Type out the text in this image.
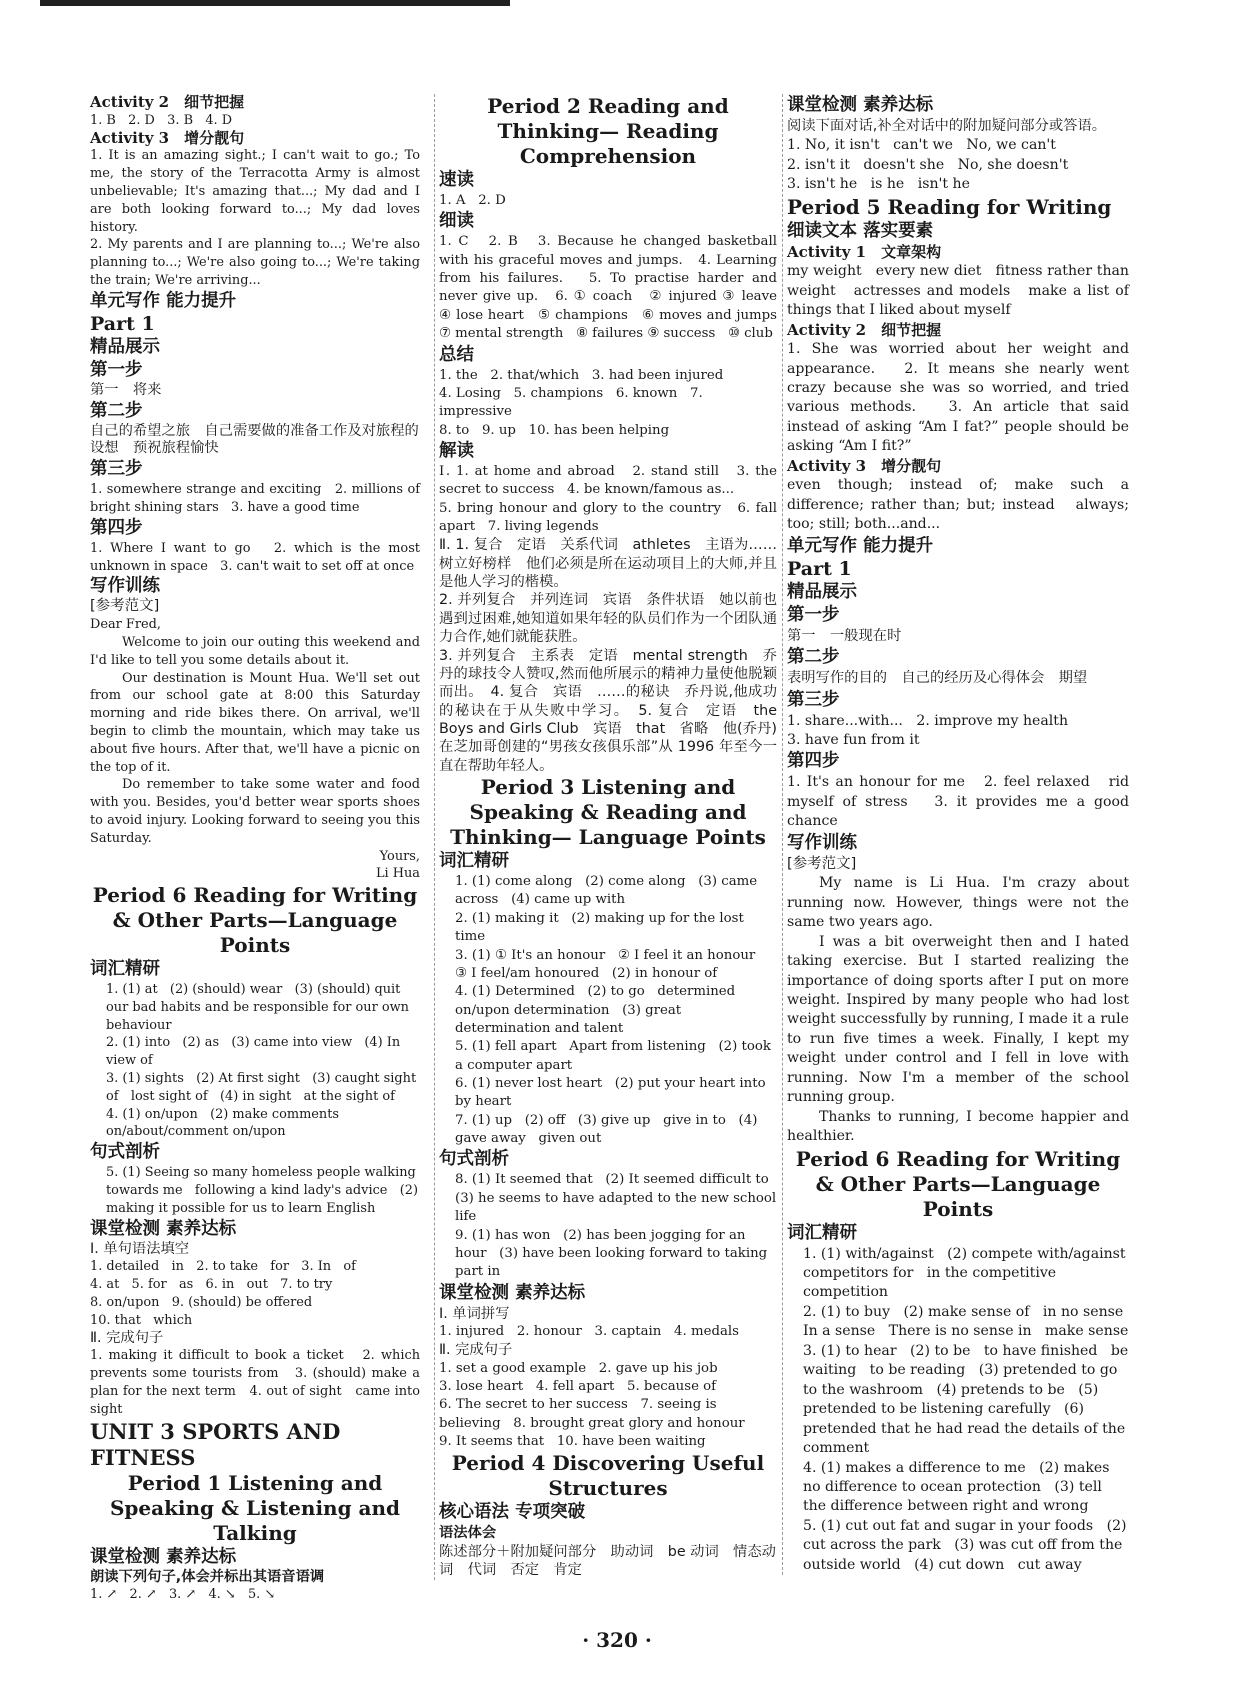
Activity 2　 细节把握
1. B   2. D   3. B   4. D
Activity 3　 增分靓句
1. It is an amazing sight.; I can't wait to go.; To me, the story of the Terracotta Army is almost unbelievable; It's amazing that...; My dad and I are both looking forward to...; My dad loves history.
2. My parents and I are planning to...; We're also planning to...; We're also going to...; We're taking the train; We're arriving...
单元写作 能力提升
Part 1
精品展示
第一步
第一　将来
第二步
自己的希望之旅　自己需要做的准备工作及对旅程的设想　预祝旅程愉快
第三步
1. somewhere strange and exciting   2. millions of bright shining stars   3. have a good time
第四步
1. Where I want to go   2. which is the most unknown in space   3. can't wait to set off at once
写作训练
[参考范文]
Dear Fred,
Welcome to join our outing this weekend and I'd like to tell you some details about it.
Our destination is Mount Hua. We'll set out from our school gate at 8:00 this Saturday morning and ride bikes there. On arrival, we'll begin to climb the mountain, which may take us about five hours. After that, we'll have a picnic on the top of it.
Do remember to take some water and food with you. Besides, you'd better wear sports shoes to avoid injury. Looking forward to seeing you this Saturday.
Yours,
Li Hua
Period 6 Reading for Writing & Other Parts—Language Points
词汇精研
1. (1) at   (2) (should) wear   (3) (should) quit our bad habits and be responsible for our own behaviour
2. (1) into   (2) as   (3) came into view   (4) In view of
3. (1) sights   (2) At first sight   (3) caught sight of   lost sight of   (4) in sight   at the sight of
4. (1) on/upon   (2) make comments on/about/comment on/upon
句式剖析
5. (1) Seeing so many homeless people walking towards me   following a kind lady's advice   (2) making it possible for us to learn English
课堂检测 素养达标
Ⅰ. 单句语法填空
1. detailed   in   2. to take   for   3. In   of
4. at   5. for   as   6. in   out   7. to try
8. on/upon   9. (should) be offered
10. that   which
Ⅱ. 完成句子
1. making it difficult to book a ticket   2. which prevents some tourists from   3. (should) make a plan for the next term   4. out of sight   came into sight
UNIT 3 SPORTS AND FITNESS
Period 1 Listening and Speaking & Listening and Talking
课堂检测 素养达标
朗读下列句子,体会并标出其语音语调
1. ↗   2. ↗   3. ↗   4. ↘   5. ↘
Period 2 Reading and Thinking— Reading Comprehension
速读
1. A   2. D
细读
1. C   2. B   3. Because he changed basketball with his graceful moves and jumps.   4. Learning from his failures.   5. To practise harder and never give up.   6. ① coach   ② injured ③ leave   ④ lose heart   ⑤ champions   ⑥ moves and jumps   ⑦ mental strength   ⑧ failures ⑨ success   ⑩ club
总结
1. the   2. that/which   3. had been injured
4. Losing   5. champions   6. known   7. impressive
8. to   9. up   10. has been helping
解读
Ⅰ. 1. at home and abroad   2. stand still   3. the secret to success   4. be known/famous as...
5. bring honour and glory to the country   6. fall apart   7. living legends
Ⅱ. 1. 复合　定语　关系代词　athletes　主语为……树立好榜样　他们必须是所在运动项目上的大师,并且是他人学习的楷模。
2. 并列复合　并列连词　宾语　条件状语　她以前也遇到过困难,她知道如果年轻的队员们作为一个团队通力合作,她们就能获胜。
3. 并列复合　主系表　定语　mental strength　乔丹的球技令人赞叹,然而他所展示的精神力量使他脱颖而出。　4. 复合　宾语　……的秘诀　乔丹说,他成功的秘诀在于从失败中学习。　5. 复合　定语　the Boys and Girls Club　宾语　that　省略　他(乔丹)在芝加哥创建的“男孩女孩俱乐部”从 1996 年至今一直在帮助年轻人。
Period 3 Listening and Speaking & Reading and Thinking— Language Points
词汇精研
1. (1) come along   (2) come along   (3) came across   (4) came up with
2. (1) making it   (2) making up for the lost time
3. (1) ① It's an honour   ② I feel it an honour   ③ I feel/am honoured   (2) in honour of
4. (1) Determined   (2) to go   determined on/upon determination   (3) great determination and talent
5. (1) fell apart   Apart from listening   (2) took a computer apart
6. (1) never lost heart   (2) put your heart into by heart
7. (1) up   (2) off   (3) give up   give in to   (4) gave away   given out
句式剖析
8. (1) It seemed that   (2) It seemed difficult to   (3) he seems to have adapted to the new school life
9. (1) has won   (2) has been jogging for an hour   (3) have been looking forward to taking part in
课堂检测 素养达标
Ⅰ. 单词拼写
1. injured   2. honour   3. captain   4. medals
Ⅱ. 完成句子
1. set a good example   2. gave up his job
3. lose heart   4. fell apart   5. because of
6. The secret to her success   7. seeing is believing   8. brought great glory and honour
9. It seems that   10. have been waiting
Period 4 Discovering Useful Structures
核心语法 专项突破
语法体会
陈述部分＋附加疑问部分　助动词　be 动词　情态动词　代词　否定　肯定
课堂检测 素养达标
阅读下面对话,补全对话中的附加疑问部分或答语。
1. No, it isn't   can't we   No, we can't
2. isn't it   doesn't she   No, she doesn't
3. isn't he   is he   isn't he
Period 5 Reading for Writing
细读文本 落实要素
Activity 1　 文章架构
my weight   every new diet   fitness rather than weight   actresses and models   make a list of things that I liked about myself
Activity 2　 细节把握
1. She was worried about her weight and appearance.   2. It means she nearly went crazy because she was so worried, and tried various methods.   3. An article that said instead of asking “Am I fat?” people should be asking “Am I fit?”
Activity 3　 增分靓句
even though; instead of; make such a difference; rather than; but; instead   always; too; still; both...and...
单元写作 能力提升
Part 1
精品展示
第一步
第一　一般现在时
第二步
表明写作的目的　自己的经历及心得体会　期望
第三步
1. share...with...   2. improve my health
3. have fun from it
第四步
1. It's an honour for me   2. feel relaxed   rid myself of stress   3. it provides me a good chance
写作训练
[参考范文]
My name is Li Hua. I'm crazy about running now. However, things were not the same two years ago.
I was a bit overweight then and I hated taking exercise. But I started realizing the importance of doing sports after I put on more weight. Inspired by many people who had lost weight successfully by running, I made it a rule to run five times a week. Finally, I kept my weight under control and I fell in love with running. Now I'm a member of the school running group.
Thanks to running, I become happier and healthier.
Period 6 Reading for Writing & Other Parts—Language Points
词汇精研
1. (1) with/against   (2) compete with/against competitors for   in the competitive competition
2. (1) to buy   (2) make sense of   in no sense   In a sense   There is no sense in   make sense
3. (1) to hear   (2) to be   to have finished   be waiting   to be reading   (3) pretended to go to the washroom   (4) pretends to be   (5) pretended to be listening carefully   (6) pretended that he had read the details of the comment
4. (1) makes a difference to me   (2) makes no difference to ocean protection   (3) tell the difference between right and wrong
5. (1) cut out fat and sugar in your foods   (2) cut across the park   (3) was cut off from the outside world   (4) cut down   cut away
· 320 ·
